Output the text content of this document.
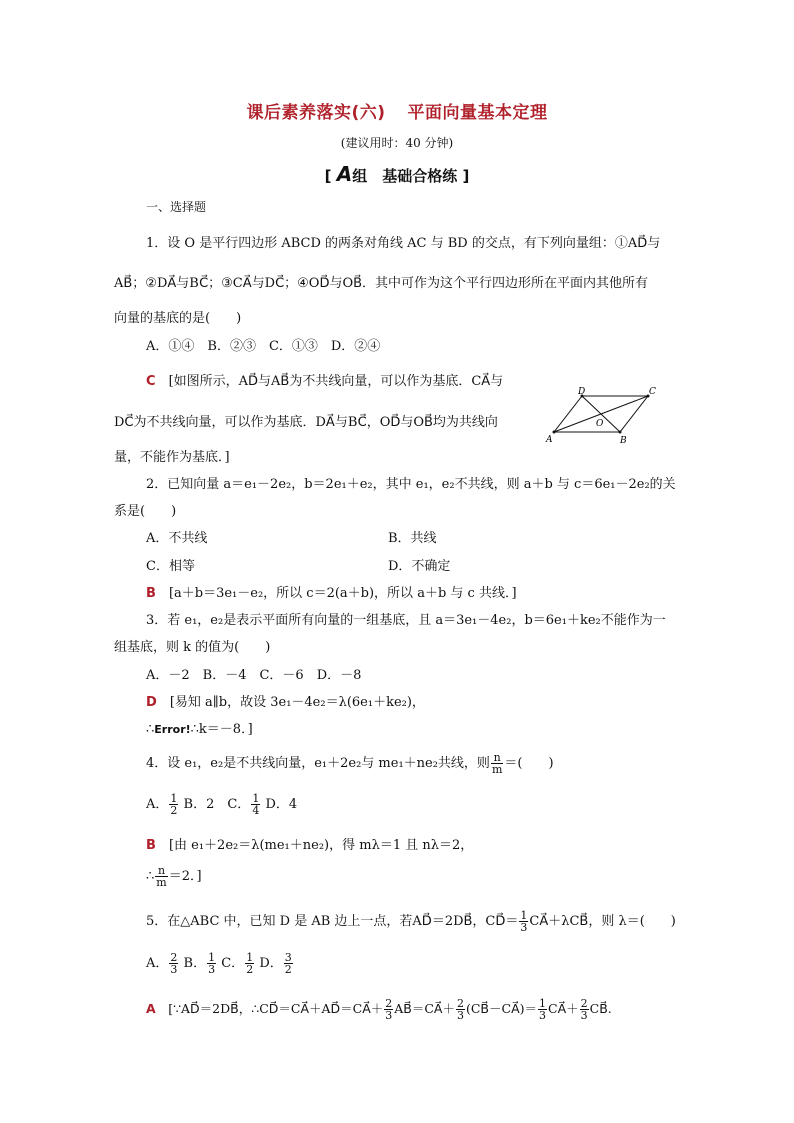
课后素养落实(六) 平面向量基本定理
(建议用时：40 分钟)
[ A组　基础合格练 ]
一、选择题
1．设 O 是平行四边形 ABCD 的两条对角线 AC 与 BD 的交点，有下列向量组：①AD⃗与
AB⃗；②DA⃗与BC⃗；③CA⃗与DC⃗；④OD⃗与OB⃗．其中可作为这个平行四边形所在平面内其他所有
向量的基底的是(　　)
A．①④　B．②③　C．①③　D．②④
C　 [如图所示，AD⃗与AB⃗为不共线向量，可以作为基底．CA⃗与
DC⃗为不共线向量，可以作为基底．DA⃗与BC⃗，OD⃗与OB⃗均为共线向
量，不能作为基底．]
A	B
C
D
O
2．已知向量 a＝e₁－2e₂，b＝2e₁＋e₂，其中 e₁，e₂不共线，则 a＋b 与 c＝6e₁－2e₂的关
系是(　　)
A．不共线	B．共线
C．相等	D．不确定
B　 [a＋b＝3e₁－e₂，所以 c＝2(a＋b)，所以 a＋b 与 c 共线．]
3．若 e₁，e₂是表示平面所有向量的一组基底，且 a＝3e₁－4e₂，b＝6e₁＋ke₂不能作为一
组基底，则 k 的值为(　　)
A．－2　B．－4　C．－6　D．－8
D　 [易知 a∥b，故设 3e₁－4e₂＝λ(6e₁＋ke₂)，
∴Error!∴k＝－8．]
4．设 e₁，e₂是不共线向量，e₁＋2e₂与 me₁＋ne₂共线，则 $\frac{n}{m}$ ＝(　　)
A． $\frac{1}{2}$ B．2　C． $\frac{1}{4}$ D．4
B　 [由 e₁＋2e₂＝λ(me₁＋ne₂)，得 mλ＝1 且 nλ＝2，
∴ $\frac{n}{m} =2$．]
5．在△ABC 中，已知 D 是 AB 边上一点，若AD⃗＝2DB⃗，CD⃗＝ $\frac{1}{3}$ CA⃗＋λCB⃗，则 λ＝(　　)
A． $\frac{2}{3}$ B． $\frac{1}{3}$ C． $\frac{1}{2}$ D． $\frac{3}{2}$
A　 [∵AD⃗＝2DB⃗，∴CD⃗＝CA⃗＋AD⃗＝CA⃗＋ $\frac{2}{3}$ AB⃗＝CA⃗＋ $\frac{2}{3}$ (CB⃗－CA⃗)＝ $\frac{1}{3}$ CA⃗＋ $\frac{2}{3}$ CB⃗.
